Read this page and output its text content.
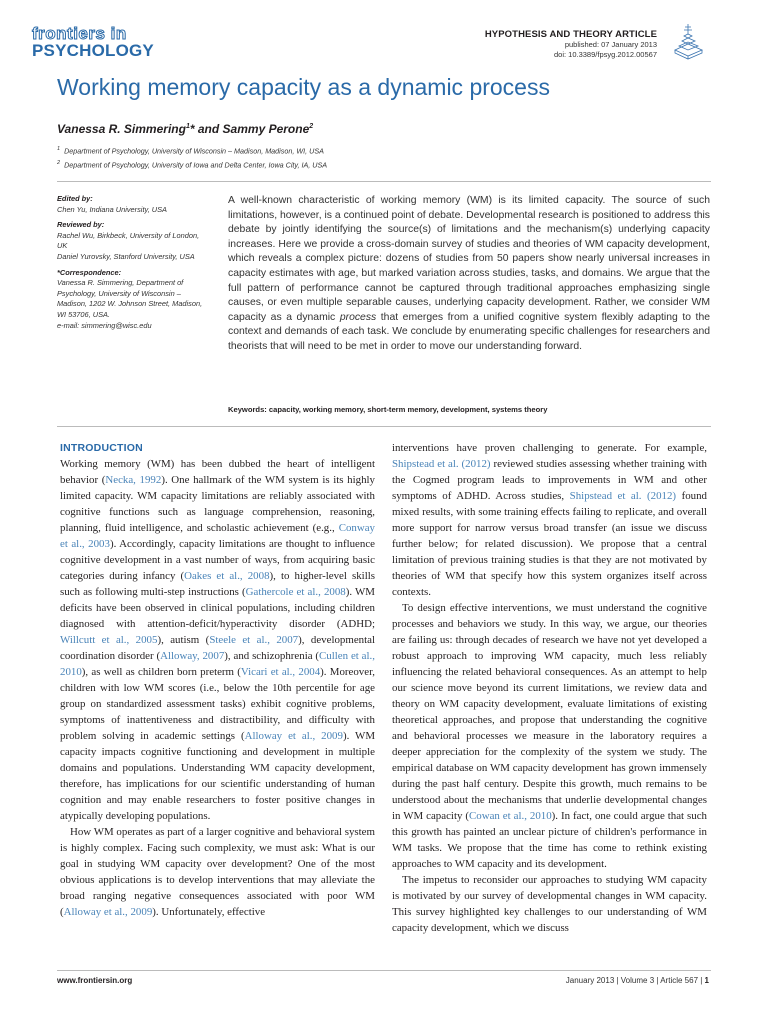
frontiers in
PSYCHOLOGY
HYPOTHESIS AND THEORY ARTICLE
published: 07 January 2013
doi: 10.3389/fpsyg.2012.00567
Working memory capacity as a dynamic process
Vanessa R. Simmering$^1$* and Sammy Perone$^2$
$^1$ Department of Psychology, University of Wisconsin – Madison, Madison, WI, USA
$^2$ Department of Psychology, University of Iowa and Delta Center, Iowa City, IA, USA
Edited by:
Chen Yu, Indiana University, USA
Reviewed by:
Rachel Wu, Birkbeck, University of London, UK
Daniel Yurovsky, Stanford University, USA
*Correspondence:
Vanessa R. Simmering, Department of Psychology, University of Wisconsin – Madison, 1202 W. Johnson Street, Madison, WI 53706, USA.
e-mail: simmering@wisc.edu
A well-known characteristic of working memory (WM) is its limited capacity. The source of such limitations, however, is a continued point of debate. Developmental research is positioned to address this debate by jointly identifying the source(s) of limitations and the mechanism(s) underlying capacity increases. Here we provide a cross-domain survey of studies and theories of WM capacity development, which reveals a complex picture: dozens of studies from 50 papers show nearly universal increases in capacity estimates with age, but marked variation across studies, tasks, and domains. We argue that the full pattern of performance cannot be captured through traditional approaches emphasizing single causes, or even multiple separable causes, underlying capacity development. Rather, we consider WM capacity as a dynamic process that emerges from a unified cognitive system flexibly adapting to the context and demands of each task. We conclude by enumerating specific challenges for researchers and theorists that will need to be met in order to move our understanding forward.
Keywords: capacity, working memory, short-term memory, development, systems theory

INTRODUCTION

Working memory (WM) has been dubbed the heart of intelligent behavior (Necka, 1992). One hallmark of the WM system is its highly limited capacity. WM capacity limitations are reliably associated with cognitive functions such as language comprehension, reasoning, planning, fluid intelligence, and scholastic achievement (e.g., Conway et al., 2003). Accordingly, capacity limitations are thought to influence cognitive development in a vast number of ways, from acquiring basic categories during infancy (Oakes et al., 2008), to higher-level skills such as following multi-step instructions (Gathercole et al., 2008). WM deficits have been observed in clinical populations, including children diagnosed with attention-deficit/hyperactivity disorder (ADHD; Willcutt et al., 2005), autism (Steele et al., 2007), developmental coordination disorder (Alloway, 2007), and schizophrenia (Cullen et al., 2010), as well as children born preterm (Vicari et al., 2004). Moreover, children with low WM scores (i.e., below the 10th percentile for age group on standardized assessment tasks) exhibit cognitive problems, symptoms of inattentiveness and distractibility, and difficulty with problem solving in academic settings (Alloway et al., 2009). WM capacity impacts cognitive functioning and development in multiple domains and populations. Understanding WM capacity development, therefore, has implications for our scientific understanding of human cognition and may enable researchers to foster positive changes in atypically developing populations.

How WM operates as part of a larger cognitive and behavioral system is highly complex. Facing such complexity, we must ask: What is our goal in studying WM capacity over development? One of the most obvious applications is to develop interventions that may alleviate the broad ranging negative consequences associated with poor WM (Alloway et al., 2009). Unfortunately, effective

interventions have proven challenging to generate. For example, Shipstead et al. (2012) reviewed studies assessing whether training with the Cogmed program leads to improvements in WM and other symptoms of ADHD. Across studies, Shipstead et al. (2012) found mixed results, with some training effects failing to replicate, and overall more support for narrow versus broad transfer (an issue we discuss further below; for related discussion). We propose that a central limitation of previous training studies is that they are not motivated by theories of WM that specify how this system organizes itself across contexts.

To design effective interventions, we must understand the cognitive processes and behaviors we study. In this way, we argue, our theories are failing us: through decades of research we have not yet developed a robust approach to improving WM capacity, much less reliably influencing the related behavioral consequences. As an attempt to help our science move beyond its current limitations, we review data and theory on WM capacity development, evaluate limitations of existing theoretical approaches, and propose that understanding the cognitive and behavioral processes we measure in the laboratory requires a deeper appreciation for the complexity of the system we study. The empirical database on WM capacity development has grown immensely during the past half century. Despite this growth, much remains to be understood about the mechanisms that underlie developmental changes in WM capacity (Cowan et al., 2010). In fact, one could argue that such this growth has painted an unclear picture of children's performance in WM tasks. We propose that the time has come to rethink existing approaches to WM capacity and its development.

The impetus to reconsider our approaches to studying WM capacity is motivated by our survey of developmental changes in WM capacity. This survey highlighted key challenges to our understanding of WM capacity development, which we discuss

www.frontiersin.org	January 2013 | Volume 3 | Article 567 | 1
